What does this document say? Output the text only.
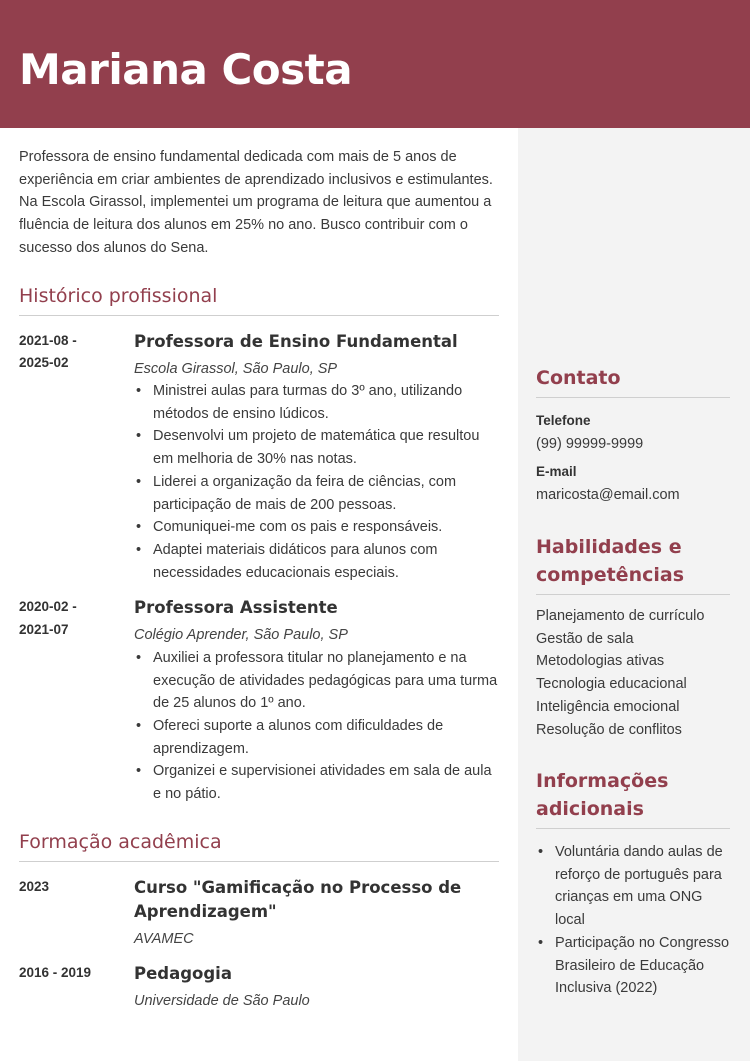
Mariana Costa

Professora de ensino fundamental dedicada com mais de 5 anos de experiência em criar ambientes de aprendizado inclusivos e estimulantes. Na Escola Girassol, implementei um programa de leitura que aumentou a fluência de leitura dos alunos em 25% no ano. Busco contribuir com o sucesso dos alunos do Sena.

Histórico profissional
2021-08 -
2025-02
Professora de Ensino Fundamental
Escola Girassol, São Paulo, SP
• Ministrei aulas para turmas do 3º ano, utilizando métodos de ensino lúdicos.
• Desenvolvi um projeto de matemática que resultou em melhoria de 30% nas notas.
• Liderei a organização da feira de ciências, com participação de mais de 200 pessoas.
• Comuniquei-me com os pais e responsáveis.
• Adaptei materiais didáticos para alunos com necessidades educacionais especiais.
2020-02 -
2021-07
Professora Assistente
Colégio Aprender, São Paulo, SP
• Auxiliei a professora titular no planejamento e na execução de atividades pedagógicas para uma turma de 25 alunos do 1º ano.
• Ofereci suporte a alunos com dificuldades de aprendizagem.
• Organizei e supervisionei atividades em sala de aula e no pátio.
Formação acadêmica
2023	Curso "Gamificação no Processo de Aprendizagem"
AVAMEC
2016 - 2019	Pedagogia
Universidade de São Paulo
Contato
Telefone
(99) 99999-9999
E-mail
maricosta@email.com
Habilidades e competências
Planejamento de currículo
Gestão de sala
Metodologias ativas
Tecnologia educacional
Inteligência emocional
Resolução de conflitos
Informações adicionais
• Voluntária dando aulas de reforço de português para crianças em uma ONG local
• Participação no Congresso Brasileiro de Educação Inclusiva (2022)
